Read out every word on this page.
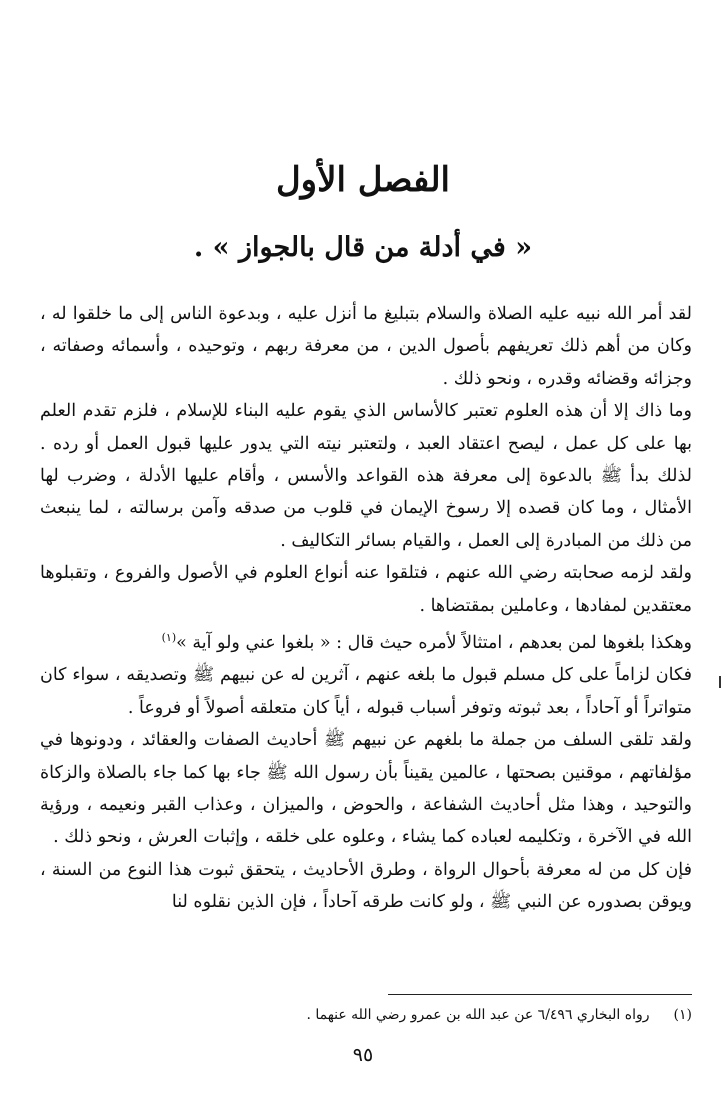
الفصل الأول
« في أدلة من قال بالجواز » .

لقد أمر الله نبيه عليه الصلاة والسلام بتبليغ ما أنزل عليه ، وبدعوة الناس إلى ما خلقوا له ، وكان من أهم ذلك تعريفهم بأصول الدين ، من معرفة ربهم ، وتوحيده ، وأسمائه وصفاته ، وجزائه وقضائه وقدره ، ونحو ذلك .

وما ذاك إلا أن هذه العلوم تعتبر كالأساس الذي يقوم عليه البناء للإسلام ، فلزم تقدم العلم بها على كل عمل ، ليصح اعتقاد العبد ، ولتعتبر نيته التي يدور عليها قبول العمل أو رده . لذلك بدأ ﷺ بالدعوة إلى معرفة هذه القواعد والأسس ، وأقام عليها الأدلة ، وضرب لها الأمثال ، وما كان قصده إلا رسوخ الإيمان في قلوب من صدقه وآمن برسالته ، لما ينبعث من ذلك من المبادرة إلى العمل ، والقيام بسائر التكاليف .

ولقد لزمه صحابته رضي الله عنهم ، فتلقوا عنه أنواع العلوم في الأصول والفروع ، وتقبلوها معتقدين لمفادها ، وعاملين بمقتضاها .

وهكذا بلغوها لمن بعدهم ، امتثالاً لأمره حيث قال : « بلغوا عني ولو آية »$^{(١)}$

فكان لزاماً على كل مسلم قبول ما بلغه عنهم ، آثرين له عن نبيهم ﷺ وتصديقه ، سواء كان متواتراً أو آحاداً ، بعد ثبوته وتوفر أسباب قبوله ، أياً كان متعلقه أصولاً أو فروعاً .

ولقد تلقى السلف من جملة ما بلغهم عن نبيهم ﷺ أحاديث الصفات والعقائد ، ودونوها في مؤلفاتهم ، موقنين بصحتها ، عالمين يقيناً بأن رسول الله ﷺ جاء بها كما جاء بالصلاة والزكاة والتوحيد ، وهذا مثل أحاديث الشفاعة ، والحوض ، والميزان ، وعذاب القبر ونعيمه ، ورؤية الله في الآخرة ، وتكليمه لعباده كما يشاء ، وعلوه على خلقه ، وإثبات العرش ، ونحو ذلك .

فإن كل من له معرفة بأحوال الرواة ، وطرق الأحاديث ، يتحقق ثبوت هذا النوع من السنة ، ويوقن بصدوره عن النبي ﷺ ، ولو كانت طرقه آحاداً ، فإن الذين نقلوه لنا

(١)رواه البخاري ٦/٤٩٦ عن عبد الله بن عمرو رضي الله عنهما .
٩٥
